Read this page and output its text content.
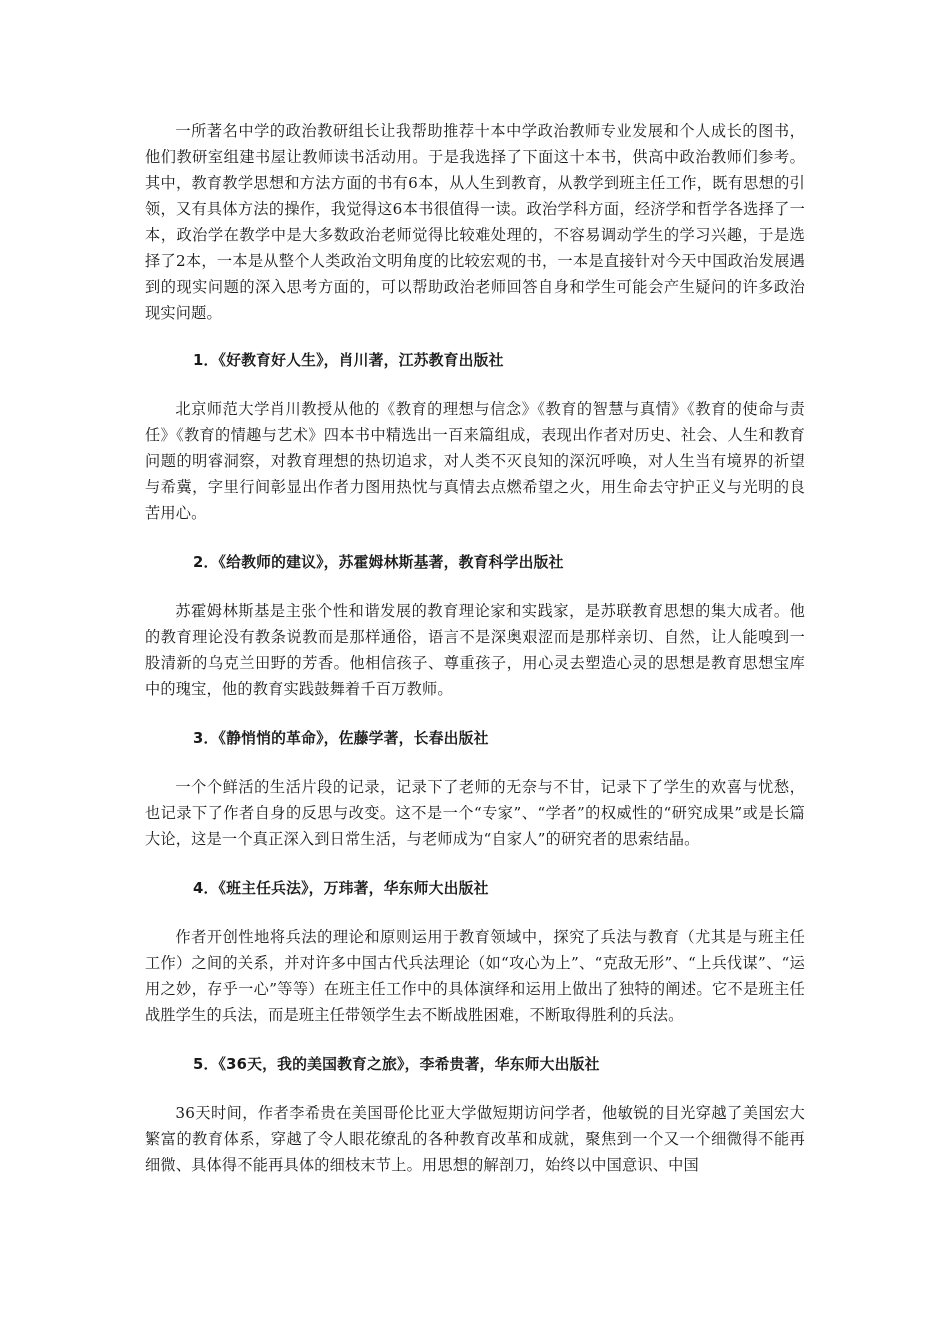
一所著名中学的政治教研组长让我帮助推荐十本中学政治教师专业发展和个人成长的图书，他们教研室组建书屋让教师读书活动用。于是我选择了下面这十本书，供高中政治教师们参考。其中，教育教学思想和方法方面的书有6本，从人生到教育，从教学到班主任工作，既有思想的引领，又有具体方法的操作，我觉得这6本书很值得一读。政治学科方面，经济学和哲学各选择了一本，政治学在教学中是大多数政治老师觉得比较难处理的，不容易调动学生的学习兴趣，于是选择了2本，一本是从整个人类政治文明角度的比较宏观的书，一本是直接针对今天中国政治发展遇到的现实问题的深入思考方面的，可以帮助政治老师回答自身和学生可能会产生疑问的许多政治现实问题。

1．《好教育好人生》，肖川著，江苏教育出版社

北京师范大学肖川教授从他的《教育的理想与信念》《教育的智慧与真情》《教育的使命与责任》《教育的情趣与艺术》四本书中精选出一百来篇组成，表现出作者对历史、社会、人生和教育问题的明睿洞察，对教育理想的热切追求，对人类不灭良知的深沉呼唤，对人生当有境界的祈望与希冀，字里行间彰显出作者力图用热忱与真情去点燃希望之火，用生命去守护正义与光明的良苦用心。

2．《给教师的建议》，苏霍姆林斯基著，教育科学出版社

苏霍姆林斯基是主张个性和谐发展的教育理论家和实践家，是苏联教育思想的集大成者。他的教育理论没有教条说教而是那样通俗，语言不是深奥艰涩而是那样亲切、自然，让人能嗅到一股清新的乌克兰田野的芳香。他相信孩子、尊重孩子，用心灵去塑造心灵的思想是教育思想宝库中的瑰宝，他的教育实践鼓舞着千百万教师。

3．《静悄悄的革命》，佐藤学著，长春出版社

一个个鲜活的生活片段的记录，记录下了老师的无奈与不甘，记录下了学生的欢喜与忧愁，也记录下了作者自身的反思与改变。这不是一个“专家”、“学者”的权威性的“研究成果”或是长篇大论，这是一个真正深入到日常生活，与老师成为“自家人”的研究者的思索结晶。

4．《班主任兵法》，万玮著，华东师大出版社

作者开创性地将兵法的理论和原则运用于教育领域中，探究了兵法与教育（尤其是与班主任工作）之间的关系，并对许多中国古代兵法理论（如“攻心为上”、“克敌无形”、“上兵伐谋”、“运用之妙，存乎一心”等等）在班主任工作中的具体演绎和运用上做出了独特的阐述。它不是班主任战胜学生的兵法，而是班主任带领学生去不断战胜困难，不断取得胜利的兵法。

5．《36天，我的美国教育之旅》，李希贵著，华东师大出版社

36天时间，作者李希贵在美国哥伦比亚大学做短期访问学者，他敏锐的目光穿越了美国宏大繁富的教育体系，穿越了令人眼花缭乱的各种教育改革和成就，聚焦到一个又一个细微得不能再细微、具体得不能再具体的细枝末节上。用思想的解剖刀，始终以中国意识、中国
